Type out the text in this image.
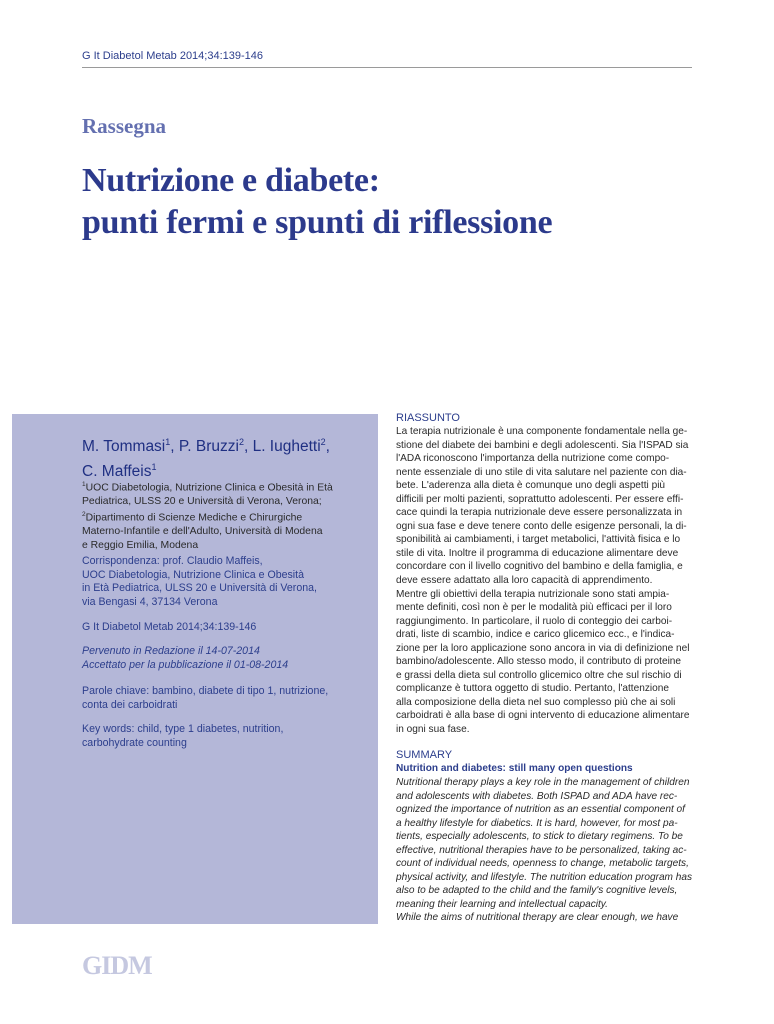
G It Diabetol Metab 2014;34:139-146
Rassegna
Nutrizione e diabete:
punti fermi e spunti di riflessione
M. Tommasi$^1$, P. Bruzzi$^2$, L. Iughetti$^2$,
C. Maffeis$^1$
$^1$UOC Diabetologia, Nutrizione Clinica e Obesità in Età
Pediatrica, ULSS 20 e Università di Verona, Verona;
$^2$Dipartimento di Scienze Mediche e Chirurgiche
Materno-Infantile e dell'Adulto, Università di Modena
e Reggio Emilia, Modena
Corrispondenza: prof. Claudio Maffeis,
UOC Diabetologia, Nutrizione Clinica e Obesità
in Età Pediatrica, ULSS 20 e Università di Verona,
via Bengasi 4, 37134 Verona
G It Diabetol Metab 2014;34:139-146
Pervenuto in Redazione il 14-07-2014
Accettato per la pubblicazione il 01-08-2014
Parole chiave: bambino, diabete di tipo 1, nutrizione,
conta dei carboidrati
Key words: child, type 1 diabetes, nutrition,
carbohydrate counting
RIASSUNTO
La terapia nutrizionale è una componente fondamentale nella ge-
stione del diabete dei bambini e degli adolescenti. Sia l'ISPAD sia
l'ADA riconoscono l'importanza della nutrizione come compo-
nente essenziale di uno stile di vita salutare nel paziente con dia-
bete. L'aderenza alla dieta è comunque uno degli aspetti più
difficili per molti pazienti, soprattutto adolescenti. Per essere effi-
cace quindi la terapia nutrizionale deve essere personalizzata in
ogni sua fase e deve tenere conto delle esigenze personali, la di-
sponibilità ai cambiamenti, i target metabolici, l'attività fisica e lo
stile di vita. Inoltre il programma di educazione alimentare deve
concordare con il livello cognitivo del bambino e della famiglia, e
deve essere adattato alla loro capacità di apprendimento.
Mentre gli obiettivi della terapia nutrizionale sono stati ampia-
mente definiti, così non è per le modalità più efficaci per il loro
raggiungimento. In particolare, il ruolo di conteggio dei carboi-
drati, liste di scambio, indice e carico glicemico ecc., e l'indica-
zione per la loro applicazione sono ancora in via di definizione nel
bambino/adolescente. Allo stesso modo, il contributo di proteine
e grassi della dieta sul controllo glicemico oltre che sul rischio di
complicanze è tuttora oggetto di studio. Pertanto, l'attenzione
alla composizione della dieta nel suo complesso più che ai soli
carboidrati è alla base di ogni intervento di educazione alimentare
in ogni sua fase.
SUMMARY
Nutrition and diabetes: still many open questions
Nutritional therapy plays a key role in the management of children
and adolescents with diabetes. Both ISPAD and ADA have rec-
ognized the importance of nutrition as an essential component of
a healthy lifestyle for diabetics. It is hard, however, for most pa-
tients, especially adolescents, to stick to dietary regimens. To be
effective, nutritional therapies have to be personalized, taking ac-
count of individual needs, openness to change, metabolic targets,
physical activity, and lifestyle. The nutrition education program has
also to be adapted to the child and the family's cognitive levels,
meaning their learning and intellectual capacity.
While the aims of nutritional therapy are clear enough, we have
GIDM
